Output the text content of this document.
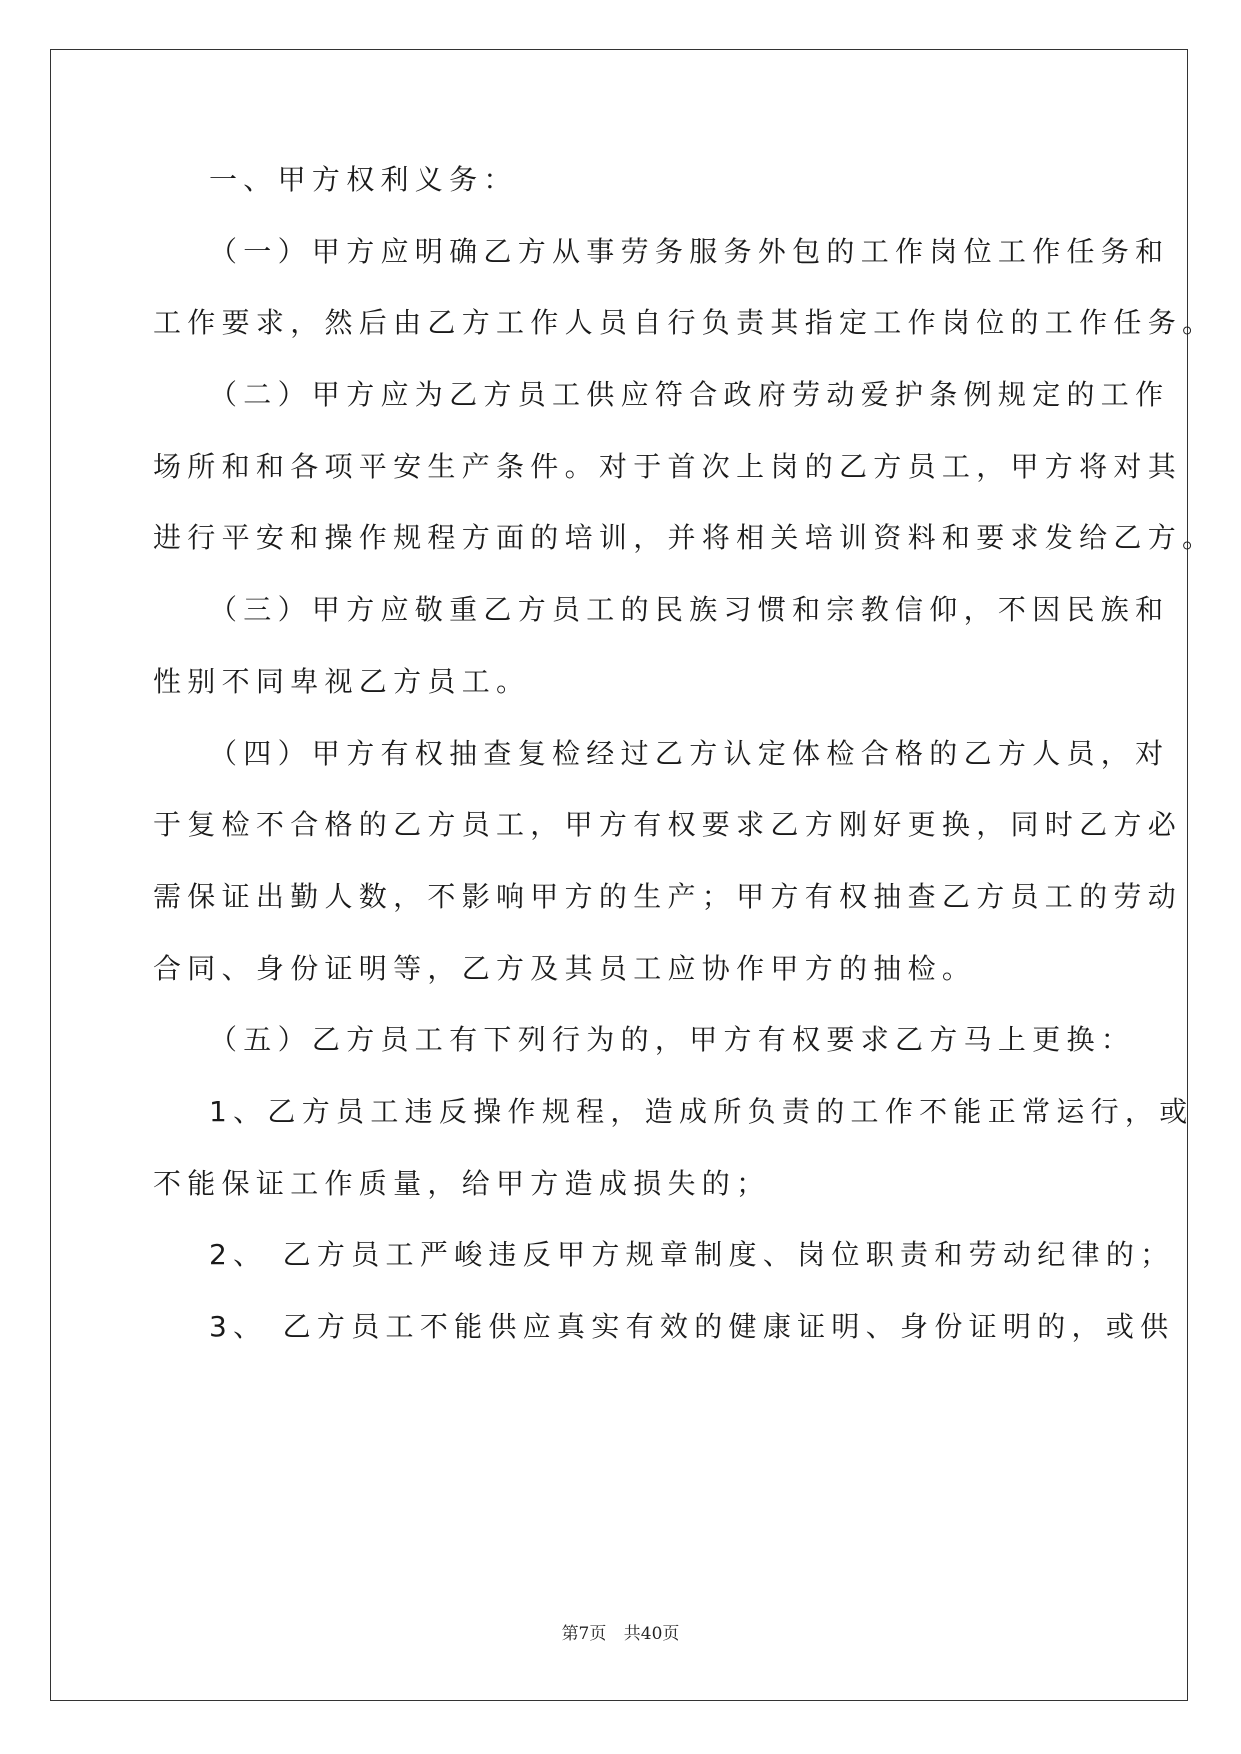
一、甲方权利义务：
（一）甲方应明确乙方从事劳务服务外包的工作岗位工作任务和
工作要求，然后由乙方工作人员自行负责其指定工作岗位的工作任务。
（二）甲方应为乙方员工供应符合政府劳动爱护条例规定的工作
场所和和各项平安生产条件。对于首次上岗的乙方员工，甲方将对其
进行平安和操作规程方面的培训，并将相关培训资料和要求发给乙方。
（三）甲方应敬重乙方员工的民族习惯和宗教信仰，不因民族和
性别不同卑视乙方员工。
（四）甲方有权抽查复检经过乙方认定体检合格的乙方人员，对
于复检不合格的乙方员工，甲方有权要求乙方刚好更换，同时乙方必
需保证出勤人数，不影响甲方的生产；甲方有权抽查乙方员工的劳动
合同、身份证明等，乙方及其员工应协作甲方的抽检。
（五）乙方员工有下列行为的，甲方有权要求乙方马上更换：
1、乙方员工违反操作规程，造成所负责的工作不能正常运行，或
不能保证工作质量，给甲方造成损失的；
2、 乙方员工严峻违反甲方规章制度、岗位职责和劳动纪律的；
3、 乙方员工不能供应真实有效的健康证明、身份证明的，或供
第7页 共40页
